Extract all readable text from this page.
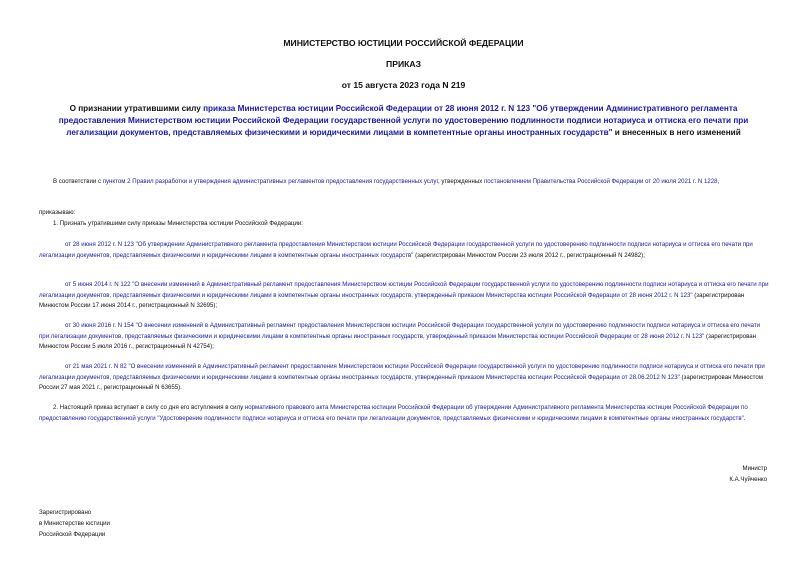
МИНИСТЕРСТВО ЮСТИЦИИ РОССИЙСКОЙ ФЕДЕРАЦИИ
ПРИКАЗ
от 15 августа 2023 года N 219
О признании утратившими силу приказа Министерства юстиции Российской Федерации от 28 июня 2012 г. N 123 "Об утверждении Административного регламента предоставления Министерством юстиции Российской Федерации государственной услуги по удостоверению подлинности подписи нотариуса и оттиска его печати при легализации документов, представляемых физическими и юридическими лицами в компетентные органы иностранных государств" и внесенных в него изменений
В соответствии с пунктом 2 Правил разработки и утверждения административных регламентов предоставления государственных услуг, утвержденных постановлением Правительства Российской Федерации от 20 июля 2021 г. N 1228,
приказываю:
1. Признать утратившими силу приказы Министерства юстиции Российской Федерации:
от 28 июня 2012 г. N 123 "Об утверждении Административного регламента предоставления Министерством юстиции Российской Федерации государственной услуги по удостоверению подлинности подписи нотариуса и оттиска его печати при легализации документов, представляемых физическими и юридическими лицами в компетентные органы иностранных государств" (зарегистрирован Минюстом России 23 июля 2012 г., регистрационный N 24982);
от 5 июня 2014 г. N 122 "О внесении изменений в Административный регламент предоставления Министерством юстиции Российской Федерации государственной услуги по удостоверению подлинности подписи нотариуса и оттиска его печати при легализации документов, представляемых физическими и юридическими лицами в компетентные органы иностранных государств, утвержденный приказом Министерства юстиции Российской Федерации от 28 июня 2012 г. N 123" (зарегистрирован Минюстом России 17 июня 2014 г., регистрационный N 32695);
от 30 июня 2016 г. N 154 "О внесении изменений в Административный регламент предоставления Министерством юстиции Российской Федерации государственной услуги по удостоверению подлинности подписи нотариуса и оттиска его печати при легализации документов, представляемых физическими и юридическими лицами в компетентные органы иностранных государств, утвержденный приказом Министерства юстиции Российской Федерации от 28 июня 2012 г. N 123" (зарегистрирован Минюстом России 5 июля 2016 г., регистрационный N 42754);
от 21 мая 2021 г. N 82 "О внесении изменений в Административный регламент предоставления Министерством юстиции Российской Федерации государственной услуги по удостоверению подлинности подписи нотариуса и оттиска его печати при легализации документов, представляемых физическими и юридическими лицами в компетентные органы иностранных государств, утвержденный приказом Министерства юстиции Российской Федерации от 28.06.2012 N 123" (зарегистрирован Минюстом России 27 мая 2021 г., регистрационный N 63655).
2. Настоящий приказ вступает в силу со дня его вступления в силу нормативного правового акта Министерства юстиции Российской Федерации об утверждении Административного регламента Министерства юстиции Российской Федерации по предоставлению государственной услуги "Удостоверение подлинности подписи нотариуса и оттиска его печати при легализации документов, представляемых физическими и юридическими лицами в компетентные органы иностранных государств".
Министр
К.А.Чуйченко
Зарегистрировано
в Министерстве юстиции
Российской Федерации
